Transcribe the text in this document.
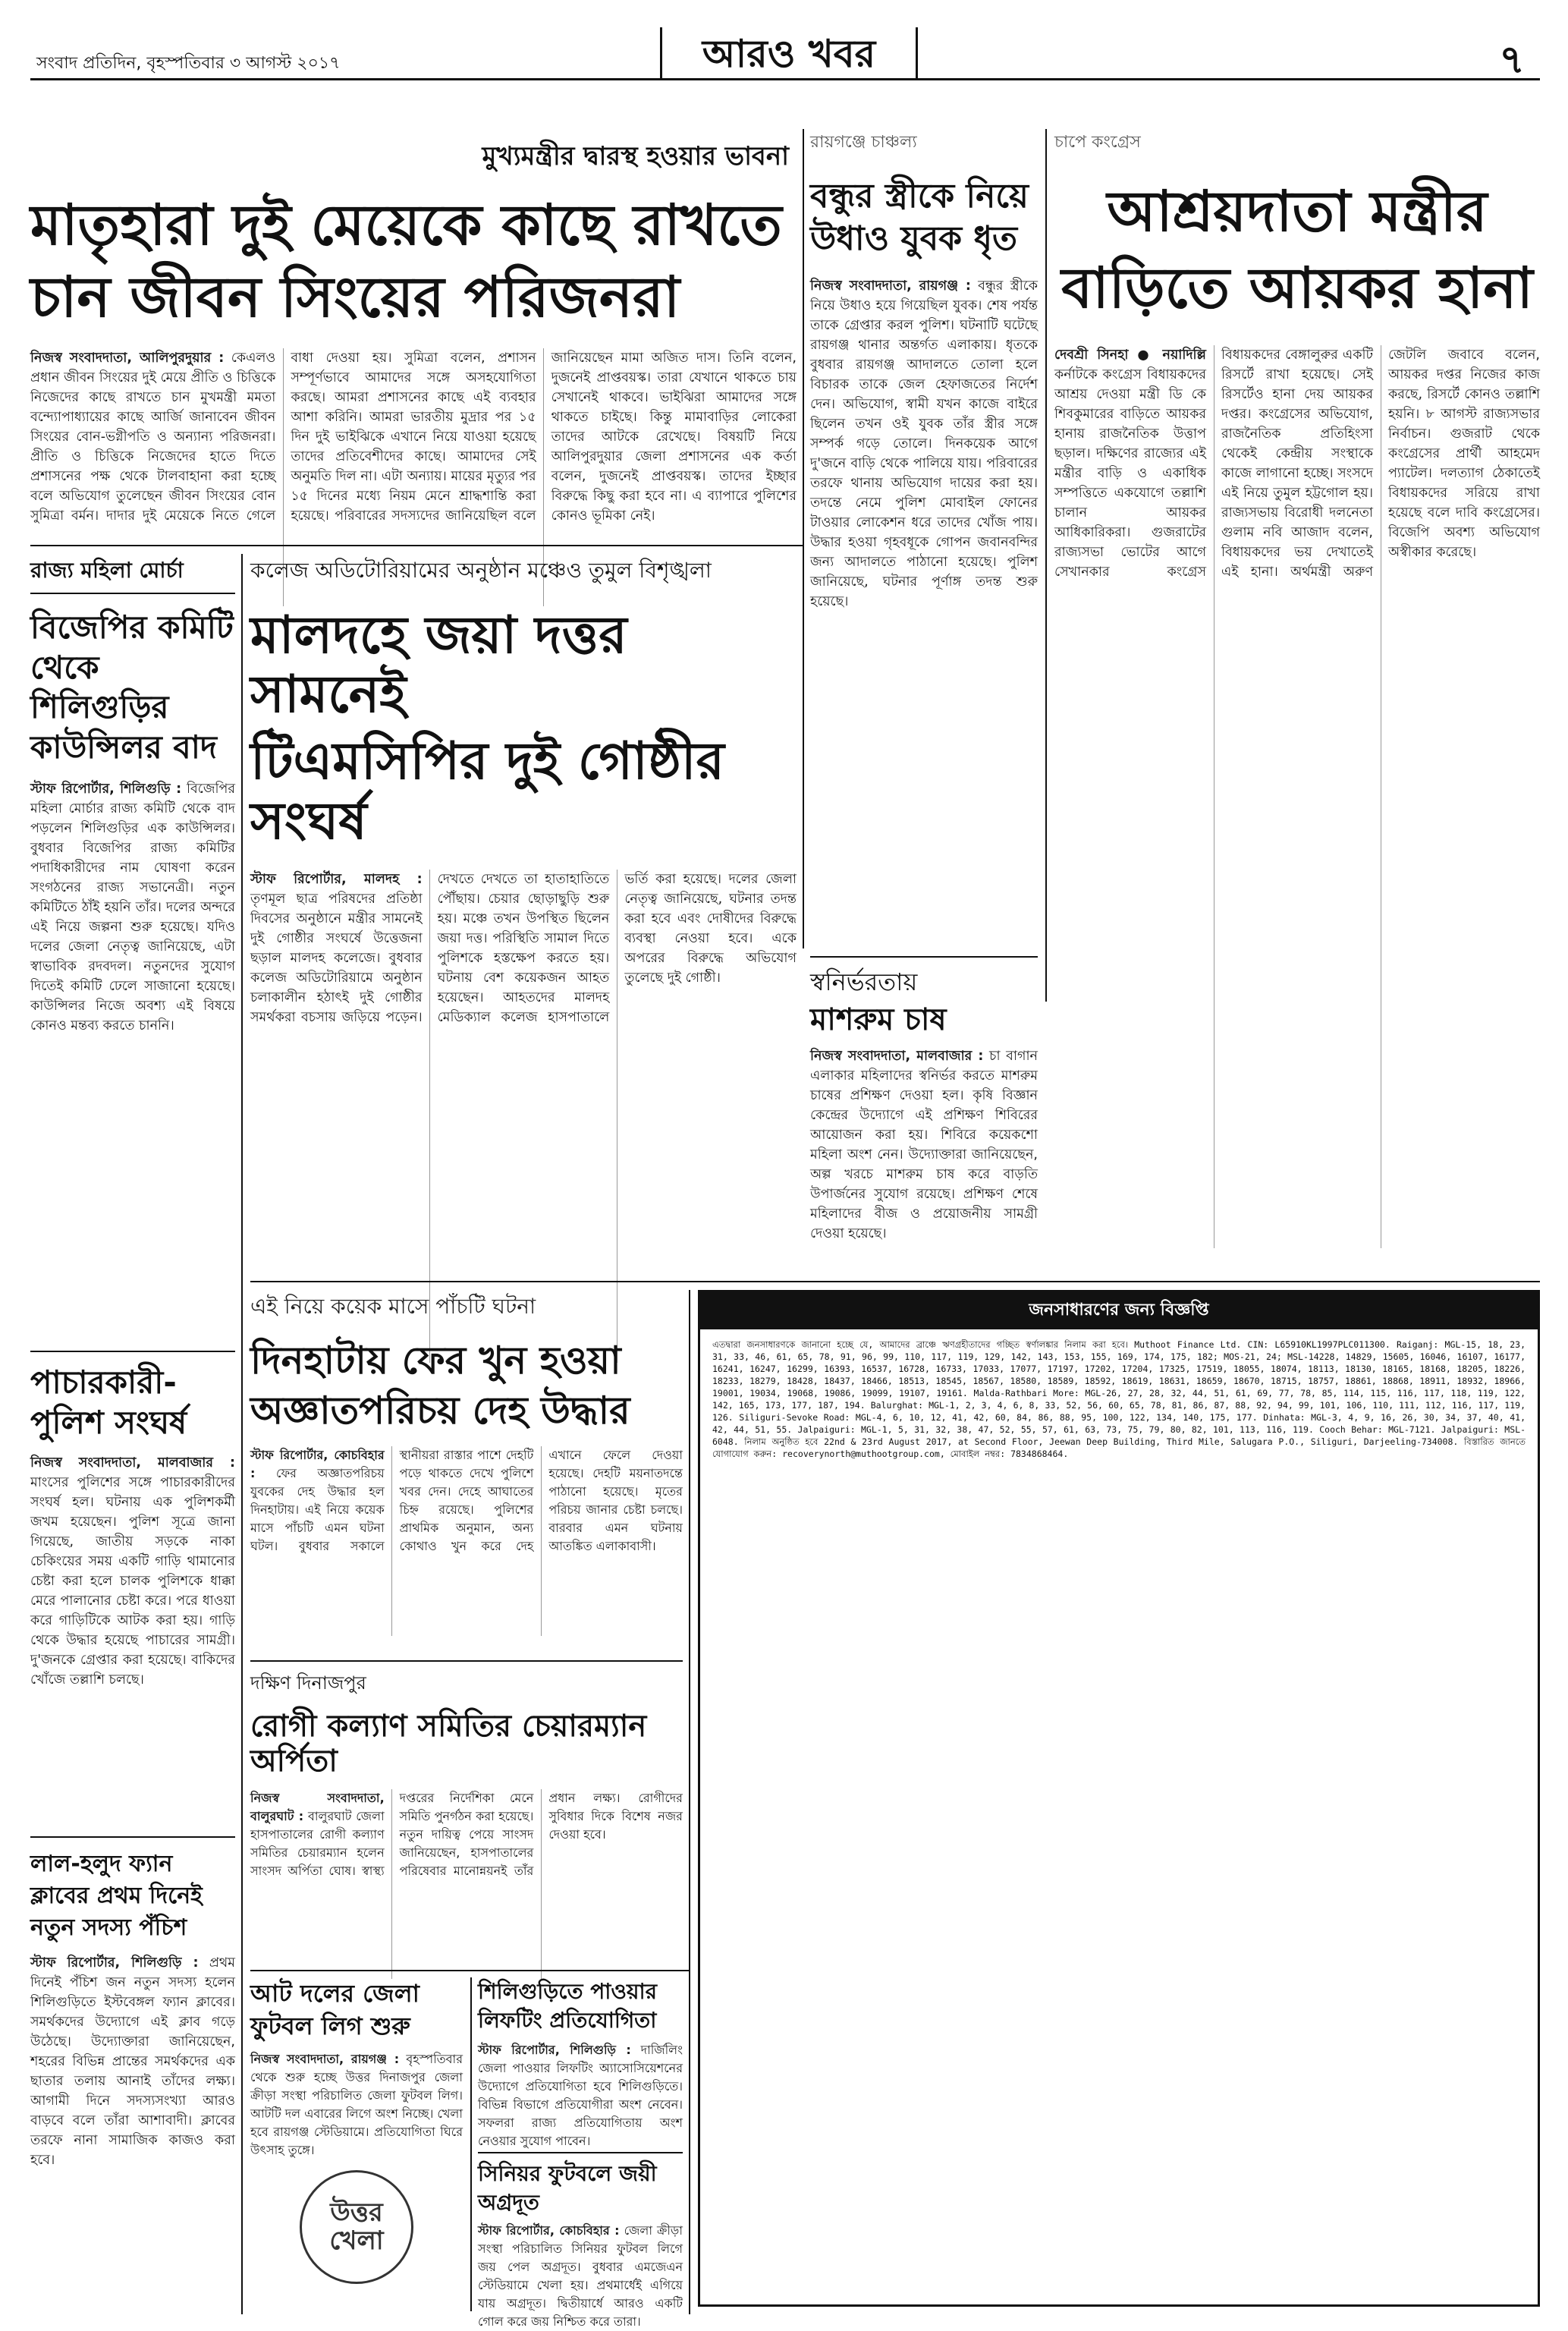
সংবাদ প্রতিদিন, বৃহস্পতিবার ৩ আগস্ট ২০১৭	আরও খবর	৭
মুখ্যমন্ত্রীর দ্বারস্থ হওয়ার ভাবনা
মাতৃহারা দুই মেয়েকে কাছে রাখতে
চান জীবন সিংয়ের পরিজনরা
নিজস্ব সংবাদদাতা, আলিপুরদুয়ার : কেএলও প্রধান জীবন সিংয়ের দুই মেয়ে প্রীতি ও চিত্তিকে নিজেদের কাছে রাখতে চান মুখমন্ত্রী মমতা বন্দ্যোপাধ্যায়ের কাছে আর্জি জানাবেন জীবন সিংয়ের বোন-ভগ্নীপতি ও অন্যান্য পরিজনরা। প্রীতি ও চিত্তিকে নিজেদের হাতে দিতে প্রশাসনের পক্ষ থেকে টালবাহানা করা হচ্ছে বলে অভিযোগ তুলেছেন জীবন সিংয়ের বোন সুমিত্রা বর্মন। দাদার দুই মেয়েকে নিতে গেলে বাধা দেওয়া হয়। সুমিত্রা বলেন, প্রশাসন সম্পূর্ণভাবে আমাদের সঙ্গে অসহযোগিতা করছে। আমরা প্রশাসনের কাছে এই ব্যবহার আশা করিনি। আমরা ভারতীয় মুদ্রার পর ১৫ দিন দুই ভাইঝিকে এখানে নিয়ে যাওয়া হয়েছে তাদের প্রতিবেশীদের কাছে। আমাদের সেই অনুমতি দিল না। এটা অন্যায়। মায়ের মৃত্যুর পর ১৫ দিনের মধ্যে নিয়ম মেনে শ্রাদ্ধশান্তি করা হয়েছে। পরিবারের সদস্যদের জানিয়েছিল বলে জানিয়েছেন মামা অজিত দাস। তিনি বলেন, দুজনেই প্রাপ্তবয়স্ক। তারা যেখানে থাকতে চায় সেখানেই থাকবে। ভাইঝিরা আমাদের সঙ্গে থাকতে চাইছে। কিন্তু মামাবাড়ির লোকেরা তাদের আটকে রেখেছে। বিষয়টি নিয়ে আলিপুরদুয়ার জেলা প্রশাসনের এক কর্তা বলেন, দুজনেই প্রাপ্তবয়স্ক। তাদের ইচ্ছার বিরুদ্ধে কিছু করা হবে না। এ ব্যাপারে পুলিশের কোনও ভূমিকা নেই।
রায়গঞ্জে চাঞ্চল্য
বন্ধুর স্ত্রীকে নিয়ে উধাও যুবক ধৃত
নিজস্ব সংবাদদাতা, রায়গঞ্জ : বন্ধুর স্ত্রীকে নিয়ে উধাও হয়ে গিয়েছিল যুবক। শেষ পর্যন্ত তাকে গ্রেপ্তার করল পুলিশ। ঘটনাটি ঘটেছে রায়গঞ্জ থানার অন্তর্গত এলাকায়। ধৃতকে বুধবার রায়গঞ্জ আদালতে তোলা হলে বিচারক তাকে জেল হেফাজতের নির্দেশ দেন। অভিযোগ, স্বামী যখন কাজে বাইরে ছিলেন তখন ওই যুবক তাঁর স্ত্রীর সঙ্গে সম্পর্ক গড়ে তোলে। দিনকয়েক আগে দু'জনে বাড়ি থেকে পালিয়ে যায়। পরিবারের তরফে থানায় অভিযোগ দায়ের করা হয়। তদন্তে নেমে পুলিশ মোবাইল ফোনের টাওয়ার লোকেশন ধরে তাদের খোঁজ পায়। উদ্ধার হওয়া গৃহবধূকে গোপন জবানবন্দির জন্য আদালতে পাঠানো হয়েছে। পুলিশ জানিয়েছে, ঘটনার পূর্ণাঙ্গ তদন্ত শুরু হয়েছে।
চাপে কংগ্রেস
আশ্রয়দাতা মন্ত্রীর
বাড়িতে আয়কর হানা
দেবশ্রী সিনহা ● নয়াদিল্লি কর্নাটকে কংগ্রেস বিধায়কদের আশ্রয় দেওয়া মন্ত্রী ডি কে শিবকুমারের বাড়িতে আয়কর হানায় রাজনৈতিক উত্তাপ ছড়াল। দক্ষিণের রাজ্যের এই মন্ত্রীর বাড়ি ও একাধিক সম্পত্তিতে একযোগে তল্লাশি চালান আয়কর আধিকারিকরা। গুজরাটের রাজ্যসভা ভোটের আগে সেখানকার কংগ্রেস বিধায়কদের বেঙ্গালুরুর একটি রিসর্টে রাখা হয়েছে। সেই রিসর্টেও হানা দেয় আয়কর দপ্তর। কংগ্রেসের অভিযোগ, রাজনৈতিক প্রতিহিংসা থেকেই কেন্দ্রীয় সংস্থাকে কাজে লাগানো হচ্ছে। সংসদে এই নিয়ে তুমুল হট্টগোল হয়। রাজ্যসভায় বিরোধী দলনেতা গুলাম নবি আজাদ বলেন, বিধায়কদের ভয় দেখাতেই এই হানা। অর্থমন্ত্রী অরুণ জেটলি জবাবে বলেন, আয়কর দপ্তর নিজের কাজ করছে, রিসর্টে কোনও তল্লাশি হয়নি। ৮ আগস্ট রাজ্যসভার নির্বাচন। গুজরাট থেকে কংগ্রেসের প্রার্থী আহমেদ প্যাটেল। দলত্যাগ ঠেকাতেই বিধায়কদের সরিয়ে রাখা হয়েছে বলে দাবি কংগ্রেসের। বিজেপি অবশ্য অভিযোগ অস্বীকার করেছে।
রাজ্য মহিলা মোর্চা
বিজেপির কমিটি থেকে শিলিগুড়ির কাউন্সিলর বাদ
স্টাফ রিপোর্টার, শিলিগুড়ি : বিজেপির মহিলা মোর্চার রাজ্য কমিটি থেকে বাদ পড়লেন শিলিগুড়ির এক কাউন্সিলর। বুধবার বিজেপির রাজ্য কমিটির পদাধিকারীদের নাম ঘোষণা করেন সংগঠনের রাজ্য সভানেত্রী। নতুন কমিটিতে ঠাঁই হয়নি তাঁর। দলের অন্দরে এই নিয়ে জল্পনা শুরু হয়েছে। যদিও দলের জেলা নেতৃত্ব জানিয়েছে, এটা স্বাভাবিক রদবদল। নতুনদের সুযোগ দিতেই কমিটি ঢেলে সাজানো হয়েছে। কাউন্সিলর নিজে অবশ্য এই বিষয়ে কোনও মন্তব্য করতে চাননি।
পাচারকারী-পুলিশ সংঘর্ষ
নিজস্ব সংবাদদাতা, মালবাজার : মাংসের পুলিশের সঙ্গে পাচারকারীদের সংঘর্ষ হল। ঘটনায় এক পুলিশকর্মী জখম হয়েছেন। পুলিশ সূত্রে জানা গিয়েছে, জাতীয় সড়কে নাকা চেকিংয়ের সময় একটি গাড়ি থামানোর চেষ্টা করা হলে চালক পুলিশকে ধাক্কা মেরে পালানোর চেষ্টা করে। পরে ধাওয়া করে গাড়িটিকে আটক করা হয়। গাড়ি থেকে উদ্ধার হয়েছে পাচারের সামগ্রী। দু'জনকে গ্রেপ্তার করা হয়েছে। বাকিদের খোঁজে তল্লাশি চলছে।
লাল-হলুদ ফ্যান ক্লাবের প্রথম দিনেই নতুন সদস্য পঁচিশ
স্টাফ রিপোর্টার, শিলিগুড়ি : প্রথম দিনেই পঁচিশ জন নতুন সদস্য হলেন শিলিগুড়িতে ইস্টবেঙ্গল ফ্যান ক্লাবের। সমর্থকদের উদ্যোগে এই ক্লাব গড়ে উঠেছে। উদ্যোক্তারা জানিয়েছেন, শহরের বিভিন্ন প্রান্তের সমর্থকদের এক ছাতার তলায় আনাই তাঁদের লক্ষ্য। আগামী দিনে সদস্যসংখ্যা আরও বাড়বে বলে তাঁরা আশাবাদী। ক্লাবের তরফে নানা সামাজিক কাজও করা হবে।
কলেজ অডিটোরিয়ামের অনুষ্ঠান মঞ্চেও তুমুল বিশৃঙ্খলা
মালদহে জয়া দত্তর সামনেই
টিএমসিপির দুই গোষ্ঠীর সংঘর্ষ
স্টাফ রিপোর্টার, মালদহ : তৃণমূল ছাত্র পরিষদের প্রতিষ্ঠা দিবসের অনুষ্ঠানে মন্ত্রীর সামনেই দুই গোষ্ঠীর সংঘর্ষে উত্তেজনা ছড়াল মালদহ কলেজে। বুধবার কলেজ অডিটোরিয়ামে অনুষ্ঠান চলাকালীন হঠাৎই দুই গোষ্ঠীর সমর্থকরা বচসায় জড়িয়ে পড়েন। দেখতে দেখতে তা হাতাহাতিতে পৌঁছায়। চেয়ার ছোড়াছুড়ি শুরু হয়। মঞ্চে তখন উপস্থিত ছিলেন জয়া দত্ত। পরিস্থিতি সামাল দিতে পুলিশকে হস্তক্ষেপ করতে হয়। ঘটনায় বেশ কয়েকজন আহত হয়েছেন। আহতদের মালদহ মেডিক্যাল কলেজ হাসপাতালে ভর্তি করা হয়েছে। দলের জেলা নেতৃত্ব জানিয়েছে, ঘটনার তদন্ত করা হবে এবং দোষীদের বিরুদ্ধে ব্যবস্থা নেওয়া হবে। একে অপরের বিরুদ্ধে অভিযোগ তুলেছে দুই গোষ্ঠী।	স্বনির্ভরতায়
মাশরুম চাষ
নিজস্ব সংবাদদাতা, মালবাজার : চা বাগান এলাকার মহিলাদের স্বনির্ভর করতে মাশরুম চাষের প্রশিক্ষণ দেওয়া হল। কৃষি বিজ্ঞান কেন্দ্রের উদ্যোগে এই প্রশিক্ষণ শিবিরের আয়োজন করা হয়। শিবিরে কয়েকশো মহিলা অংশ নেন। উদ্যোক্তারা জানিয়েছেন, অল্প খরচে মাশরুম চাষ করে বাড়তি উপার্জনের সুযোগ রয়েছে। প্রশিক্ষণ শেষে মহিলাদের বীজ ও প্রয়োজনীয় সামগ্রী দেওয়া হয়েছে।
এই নিয়ে কয়েক মাসে পাঁচটি ঘটনা
দিনহাটায় ফের খুন হওয়া
অজ্ঞাতপরিচয় দেহ উদ্ধার
স্টাফ রিপোর্টার, কোচবিহার : ফের অজ্ঞাতপরিচয় যুবকের দেহ উদ্ধার হল দিনহাটায়। এই নিয়ে কয়েক মাসে পাঁচটি এমন ঘটনা ঘটল। বুধবার সকালে স্থানীয়রা রাস্তার পাশে দেহটি পড়ে থাকতে দেখে পুলিশে খবর দেন। দেহে আঘাতের চিহ্ন রয়েছে। পুলিশের প্রাথমিক অনুমান, অন্য কোথাও খুন করে দেহ এখানে ফেলে দেওয়া হয়েছে। দেহটি ময়নাতদন্তে পাঠানো হয়েছে। মৃতের পরিচয় জানার চেষ্টা চলছে। বারবার এমন ঘটনায় আতঙ্কিত এলাকাবাসী।
দক্ষিণ দিনাজপুর
রোগী কল্যাণ সমিতির চেয়ারম্যান অর্পিতা
নিজস্ব সংবাদদাতা, বালুরঘাট : বালুরঘাট জেলা হাসপাতালের রোগী কল্যাণ সমিতির চেয়ারম্যান হলেন সাংসদ অর্পিতা ঘোষ। স্বাস্থ্য দপ্তরের নির্দেশিকা মেনে সমিতি পুনর্গঠন করা হয়েছে। নতুন দায়িত্ব পেয়ে সাংসদ জানিয়েছেন, হাসপাতালের পরিষেবার মানোন্নয়নই তাঁর প্রধান লক্ষ্য। রোগীদের সুবিধার দিকে বিশেষ নজর দেওয়া হবে।
আট দলের জেলা ফুটবল লিগ শুরু
নিজস্ব সংবাদদাতা, রায়গঞ্জ : বৃহস্পতিবার থেকে শুরু হচ্ছে উত্তর দিনাজপুর জেলা ক্রীড়া সংস্থা পরিচালিত জেলা ফুটবল লিগ। আটটি দল এবারের লিগে অংশ নিচ্ছে। খেলা হবে রায়গঞ্জ স্টেডিয়ামে। প্রতিযোগিতা ঘিরে উৎসাহ তুঙ্গে।
উত্তর খেলা
শিলিগুড়িতে পাওয়ার লিফটিং প্রতিযোগিতা
স্টাফ রিপোর্টার, শিলিগুড়ি : দার্জিলিং জেলা পাওয়ার লিফটিং অ্যাসোসিয়েশনের উদ্যোগে প্রতিযোগিতা হবে শিলিগুড়িতে। বিভিন্ন বিভাগে প্রতিযোগীরা অংশ নেবেন। সফলরা রাজ্য প্রতিযোগিতায় অংশ নেওয়ার সুযোগ পাবেন।
সিনিয়র ফুটবলে জয়ী অগ্রদূত
স্টাফ রিপোর্টার, কোচবিহার : জেলা ক্রীড়া সংস্থা পরিচালিত সিনিয়র ফুটবল লিগে জয় পেল অগ্রদূত। বুধবার এমজেএন স্টেডিয়ামে খেলা হয়। প্রথমার্ধেই এগিয়ে যায় অগ্রদূত। দ্বিতীয়ার্ধে আরও একটি গোল করে জয় নিশ্চিত করে তারা।
জনসাধারণের জন্য বিজ্ঞপ্তি
এতদ্বারা জনসাধারণকে জানানো হচ্ছে যে, আমাদের ব্রাঞ্চে ঋণগ্রহীতাদের গচ্ছিত স্বর্ণালঙ্কার নিলাম করা হবে। Muthoot Finance Ltd. CIN: L65910KL1997PLC011300. Raiganj: MGL-15, 18, 23, 31, 33, 46, 61, 65, 78, 91, 96, 99, 110, 117, 119, 129, 142, 143, 153, 155, 169, 174, 175, 182; MOS-21, 24; MSL-14228, 14829, 15605, 16046, 16107, 16177, 16241, 16247, 16299, 16393, 16537, 16728, 16733, 17033, 17077, 17197, 17202, 17204, 17325, 17519, 18055, 18074, 18113, 18130, 18165, 18168, 18205, 18226, 18233, 18279, 18428, 18437, 18466, 18513, 18545, 18567, 18580, 18589, 18592, 18619, 18631, 18659, 18670, 18715, 18757, 18861, 18868, 18911, 18932, 18966, 19001, 19034, 19068, 19086, 19099, 19107, 19161. Malda-Rathbari More: MGL-26, 27, 28, 32, 44, 51, 61, 69, 77, 78, 85, 114, 115, 116, 117, 118, 119, 122, 142, 165, 173, 177, 187, 194. Balurghat: MGL-1, 2, 3, 4, 6, 8, 33, 52, 56, 60, 65, 78, 81, 86, 87, 88, 92, 94, 99, 101, 106, 110, 111, 112, 116, 117, 119, 126. Siliguri-Sevoke Road: MGL-4, 6, 10, 12, 41, 42, 60, 84, 86, 88, 95, 100, 122, 134, 140, 175, 177. Dinhata: MGL-3, 4, 9, 16, 26, 30, 34, 37, 40, 41, 42, 44, 51, 55. Jalpaiguri: MGL-1, 5, 31, 32, 38, 47, 52, 55, 57, 61, 63, 73, 75, 79, 80, 82, 101, 113, 116, 119. Cooch Behar: MGL-7121. Jalpaiguri: MSL-6048. নিলাম অনুষ্ঠিত হবে 22nd & 23rd August 2017, at Second Floor, Jeewan Deep Building, Third Mile, Salugara P.O., Siliguri, Darjeeling-734008. বিস্তারিত জানতে যোগাযোগ করুন: recoverynorth@muthootgroup.com, মোবাইল নম্বর: 7834868464.
